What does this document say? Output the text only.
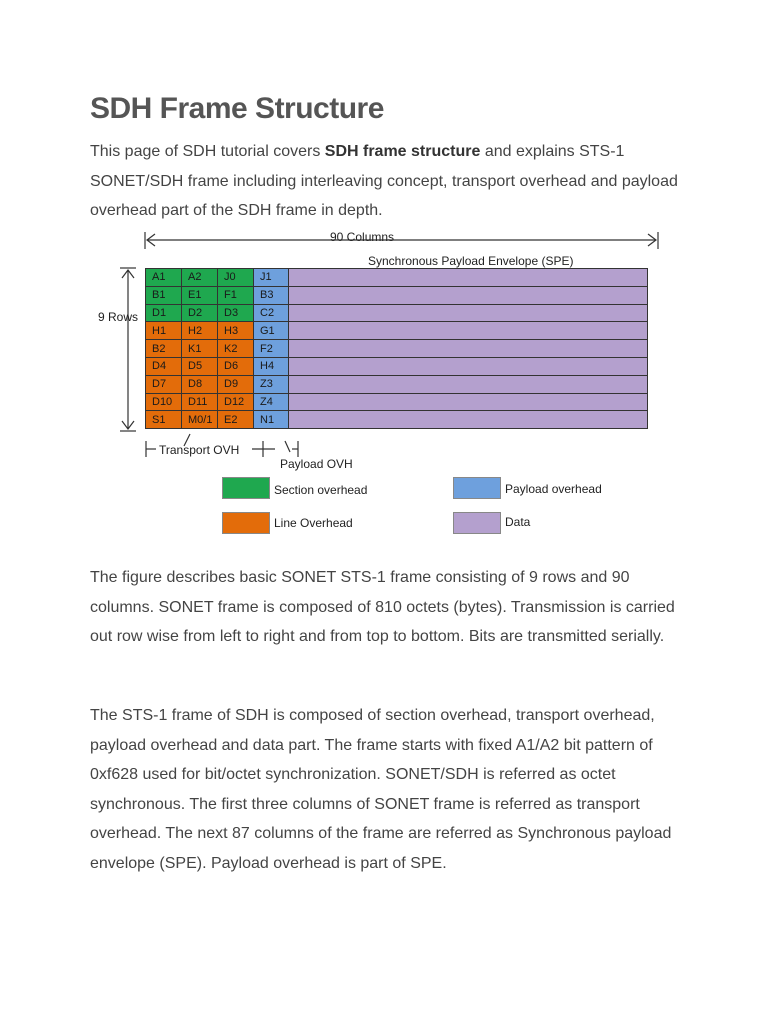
SDH Frame Structure

This page of SDH tutorial covers SDH frame structure and explains STS-1 SONET/SDH frame including interleaving concept, transport overhead and payload overhead part of the SDH frame in depth.

90 Columns
Synchronous Payload Envelope (SPE)
9 Rows
Transport OVH
Payload OVH
A1	A2	J0	J1	
B1	E1	F1	B3	
D1	D2	D3	C2	
H1	H2	H3	G1	
B2	K1	K2	F2	
D4	D5	D6	H4	
D7	D8	D9	Z3	
D10	D11	D12	Z4	
S1	M0/1	E2	N1	
Section overhead
Line Overhead
Payload overhead
Data

The figure describes basic SONET STS-1 frame consisting of 9 rows and 90 columns. SONET frame is composed of 810 octets (bytes). Transmission is carried out row wise from left to right and from top to bottom. Bits are transmitted serially.

The STS-1 frame of SDH is composed of section overhead, transport overhead, payload overhead and data part. The frame starts with fixed A1/A2 bit pattern of 0xf628 used for bit/octet synchronization. SONET/SDH is referred as octet synchronous. The first three columns of SONET frame is referred as transport overhead. The next 87 columns of the frame are referred as Synchronous payload envelope (SPE). Payload overhead is part of SPE.
